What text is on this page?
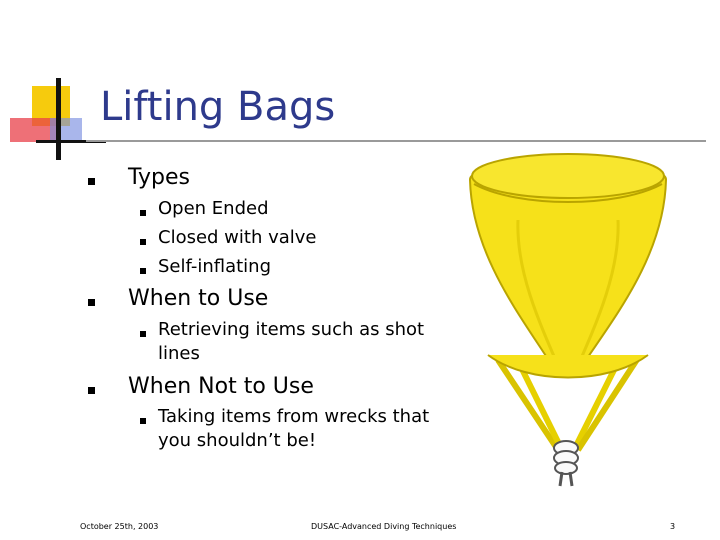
Lifting Bags
Types
Open Ended
Closed with valve
Self-inflating
When to Use
Retrieving items such as shot lines
When Not to Use
Taking items from wrecks that you shouldn’t be!
October 25th, 2003	DUSAC-Advanced Diving Techniques	3
